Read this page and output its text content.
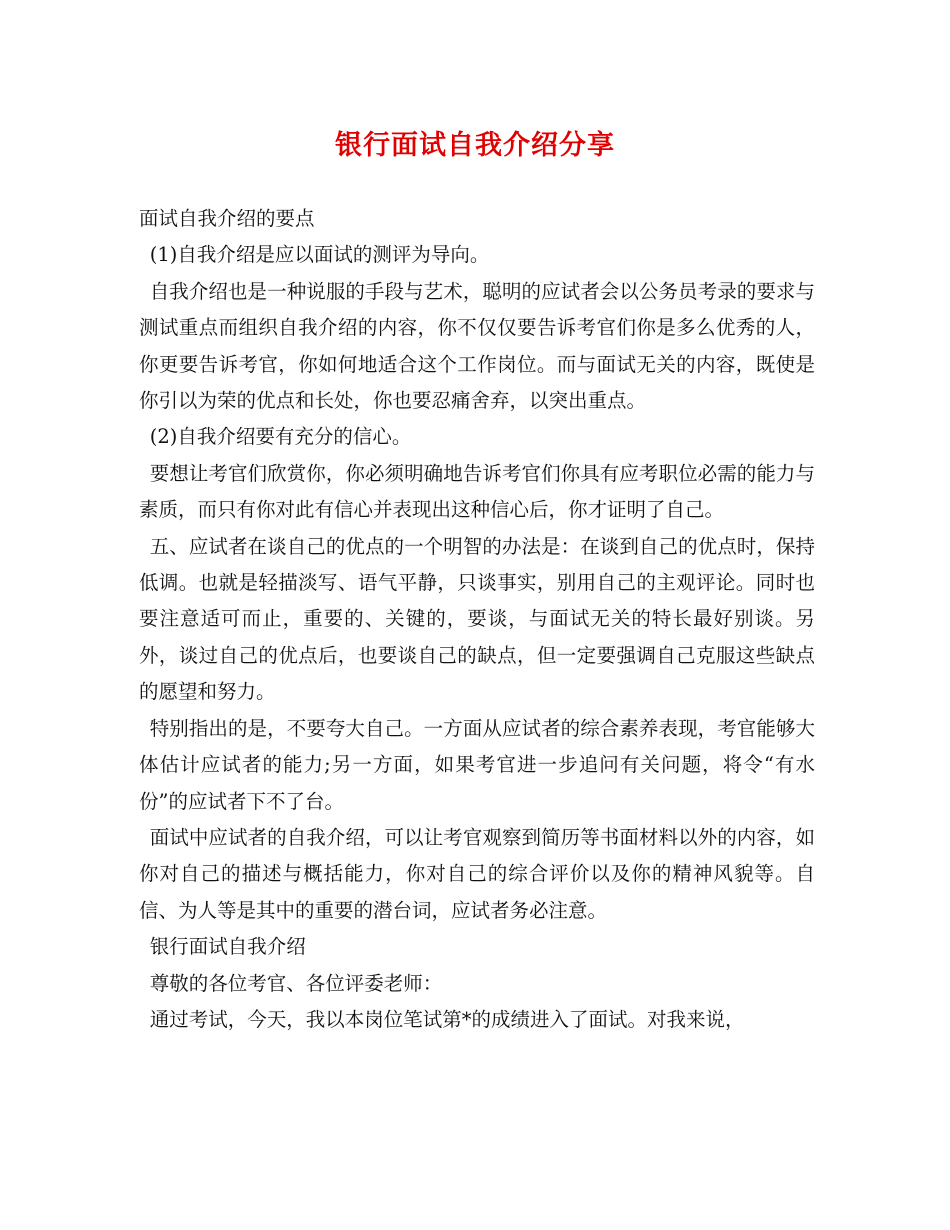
银行面试自我介绍分享

面试自我介绍的要点

(1)自我介绍是应以面试的测评为导向。

自我介绍也是一种说服的手段与艺术，聪明的应试者会以公务员考录的要求与测试重点而组织自我介绍的内容，你不仅仅要告诉考官们你是多么优秀的人，你更要告诉考官，你如何地适合这个工作岗位。而与面试无关的内容，既使是你引以为荣的优点和长处，你也要忍痛舍弃，以突出重点。

(2)自我介绍要有充分的信心。

要想让考官们欣赏你，你必须明确地告诉考官们你具有应考职位必需的能力与素质，而只有你对此有信心并表现出这种信心后，你才证明了自己。

五、应试者在谈自己的优点的一个明智的办法是：在谈到自己的优点时，保持低调。也就是轻描淡写、语气平静，只谈事实，别用自己的主观评论。同时也要注意适可而止，重要的、关键的，要谈，与面试无关的特长最好别谈。另外，谈过自己的优点后，也要谈自己的缺点，但一定要强调自己克服这些缺点的愿望和努力。

特别指出的是，不要夸大自己。一方面从应试者的综合素养表现，考官能够大体估计应试者的能力;另一方面，如果考官进一步追问有关问题，将令“有水份”的应试者下不了台。

面试中应试者的自我介绍，可以让考官观察到简历等书面材料以外的内容，如你对自己的描述与概括能力，你对自己的综合评价以及你的精神风貌等。自信、为人等是其中的重要的潜台词，应试者务必注意。

银行面试自我介绍

尊敬的各位考官、各位评委老师：

通过考试，今天，我以本岗位笔试第*的成绩进入了面试。对我来说，
